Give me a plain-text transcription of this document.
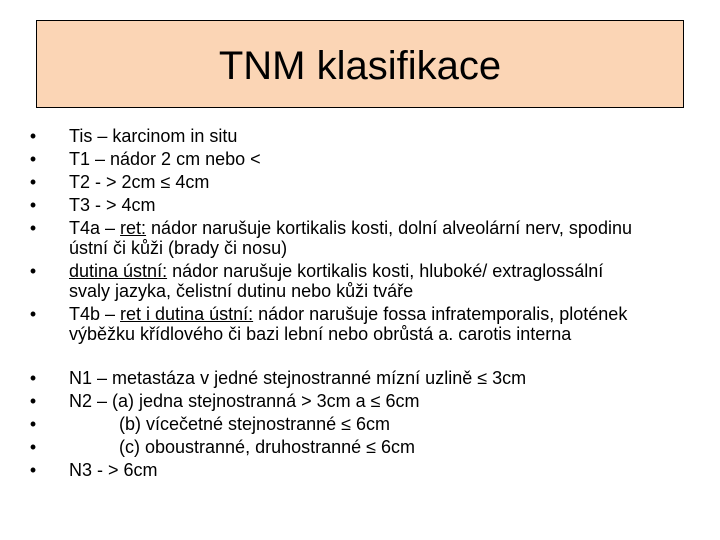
TNM klasifikace
• Tis – karcinom in situ
• T1 – nádor 2 cm nebo <
• T2 - > 2cm ≤ 4cm
• T3 - > 4cm
• T4a – ret: nádor narušuje kortikalis kosti, dolní alveolární nerv, spodinu ústní či kůži (brady či nosu)
• dutina ústní: nádor narušuje kortikalis kosti, hluboké/ extraglossální svaly jazyka, čelistní dutinu nebo kůži tváře
• T4b – ret i dutina ústní: nádor narušuje fossa infratemporalis, plotének výběžku křídlového či bazi lební nebo obrůstá a. carotis interna
• N1 – metastáza v jedné stejnostranné mízní uzlině ≤ 3cm
• N2 – (a) jedna stejnostranná > 3cm a ≤ 6cm
•	(b) vícečetné stejnostranné ≤ 6cm
•	(c) oboustranné, druhostranné ≤ 6cm
• N3 - > 6cm
